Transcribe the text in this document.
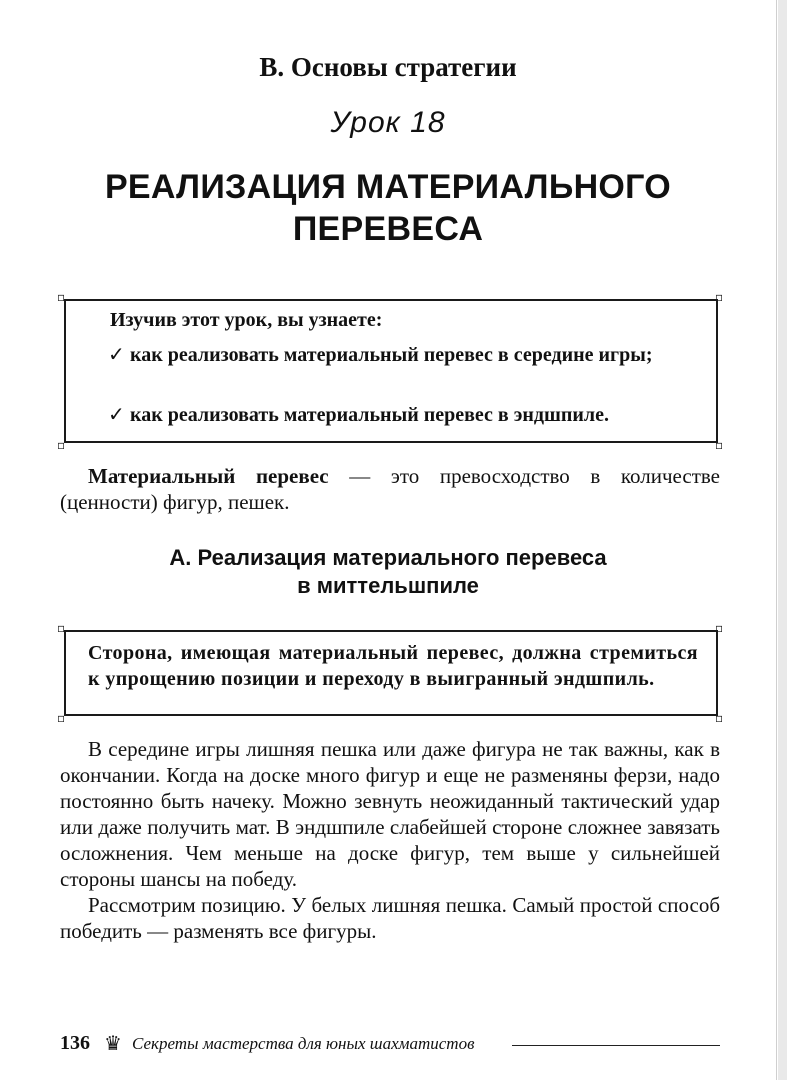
В. Основы стратегии
Урок 18
РЕАЛИЗАЦИЯ МАТЕРИАЛЬНОГО
ПЕРЕВЕСА
▫	▫
▫	▫
Изучив этот урок, вы узнаете:
✓ как реализовать материальный перевес в середине игры;
✓ как реализовать материальный перевес в эндшпиле.

Материальный перевес — это превосходство в количестве (ценности) фигур, пешек.

А. Реализация материального перевеса
в миттельшпиле
▫	▫
▫	▫
Сторона, имеющая материальный перевес, должна стремиться к упрощению позиции и переходу в выигранный эндшпиль.

В середине игры лишняя пешка или даже фигура не так важны, как в окончании. Когда на доске много фигур и еще не разменяны ферзи, надо постоянно быть начеку. Можно зевнуть неожиданный тактический удар или даже получить мат. В эндшпиле слабейшей стороне сложнее завязать осложнения. Чем меньше на доске фигур, тем выше у сильнейшей стороны шансы на победу.

Рассмотрим позицию. У белых лишняя пешка. Самый простой способ победить — разменять все фигуры.

136 ♛ Секреты мастерства для юных шахматистов
